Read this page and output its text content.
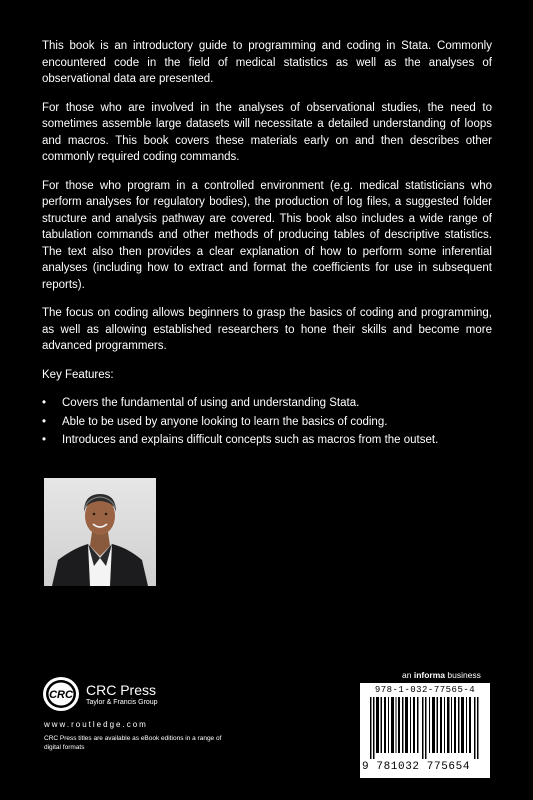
This book is an introductory guide to programming and coding in Stata. Commonly encountered code in the field of medical statistics as well as the analyses of observational data are presented.

For those who are involved in the analyses of observational studies, the need to sometimes assemble large datasets will necessitate a detailed understanding of loops and macros. This book covers these materials early on and then describes other commonly required coding commands.

For those who program in a controlled environment (e.g. medical statisticians who perform analyses for regulatory bodies), the production of log files, a suggested folder structure and analysis pathway are covered. This book also includes a wide range of tabulation commands and other methods of producing tables of descriptive statistics. The text also then provides a clear explanation of how to perform some inferential analyses (including how to extract and format the coefficients for use in subsequent reports).

The focus on coding allows beginners to grasp the basics of coding and programming, as well as allowing established researchers to hone their skills and become more advanced programmers.

Key Features:

• Covers the fundamental of using and understanding Stata.
• Able to be used by anyone looking to learn the basics of coding.
• Introduces and explains difficult concepts such as macros from the outset.
an informa business
978-1-032-77565-4
9 781032 775654
CRC CRC Press
Taylor & Francis Group
www.routledge.com
CRC Press titles are available as eBook editions in a range of digital formats
